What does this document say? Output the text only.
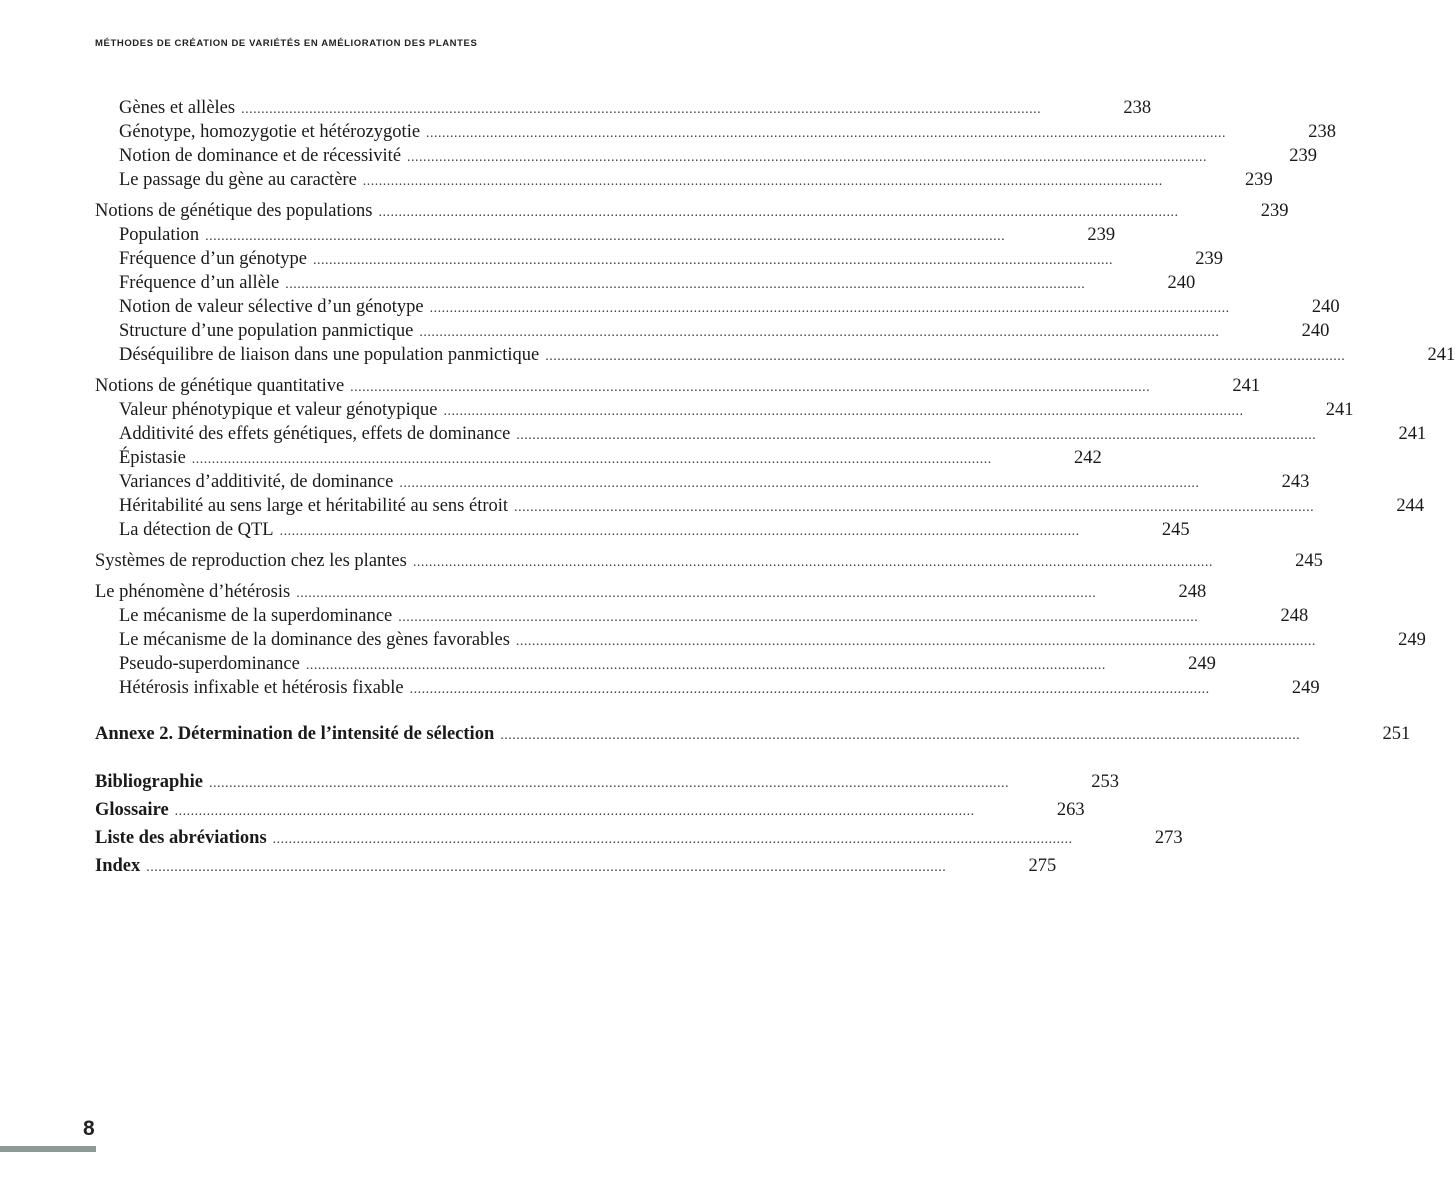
MÉTHODES DE CRÉATION DE VARIÉTÉS EN AMÉLIORATION DES PLANTES
Gènes et allèles ........................................................................................................................................................................................................	238
Génotype, homozygotie et hétérozygotie ........................................................................................................................................................................................................	238
Notion de dominance et de récessivité ........................................................................................................................................................................................................	239
Le passage du gène au caractère ........................................................................................................................................................................................................	239
Notions de génétique des populations ........................................................................................................................................................................................................	239
Population ........................................................................................................................................................................................................	239
Fréquence d’un génotype ........................................................................................................................................................................................................	239
Fréquence d’un allèle ........................................................................................................................................................................................................	240
Notion de valeur sélective d’un génotype ........................................................................................................................................................................................................	240
Structure d’une population panmictique ........................................................................................................................................................................................................	240
Déséquilibre de liaison dans une population panmictique ........................................................................................................................................................................................................	241
Notions de génétique quantitative ........................................................................................................................................................................................................	241
Valeur phénotypique et valeur génotypique ........................................................................................................................................................................................................	241
Additivité des effets génétiques, effets de dominance ........................................................................................................................................................................................................	241
Épistasie ........................................................................................................................................................................................................	242
Variances d’additivité, de dominance ........................................................................................................................................................................................................	243
Héritabilité au sens large et héritabilité au sens étroit ........................................................................................................................................................................................................	244
La détection de QTL ........................................................................................................................................................................................................	245
Systèmes de reproduction chez les plantes ........................................................................................................................................................................................................	245
Le phénomène d’hétérosis ........................................................................................................................................................................................................	248
Le mécanisme de la superdominance ........................................................................................................................................................................................................	248
Le mécanisme de la dominance des gènes favorables ........................................................................................................................................................................................................	249
Pseudo-superdominance ........................................................................................................................................................................................................	249
Hétérosis infixable et hétérosis fixable ........................................................................................................................................................................................................	249
Annexe 2. Détermination de l’intensité de sélection ........................................................................................................................................................................................................	251
Bibliographie ........................................................................................................................................................................................................	253
Glossaire ........................................................................................................................................................................................................	263
Liste des abréviations ........................................................................................................................................................................................................	273
Index ........................................................................................................................................................................................................	275
8
